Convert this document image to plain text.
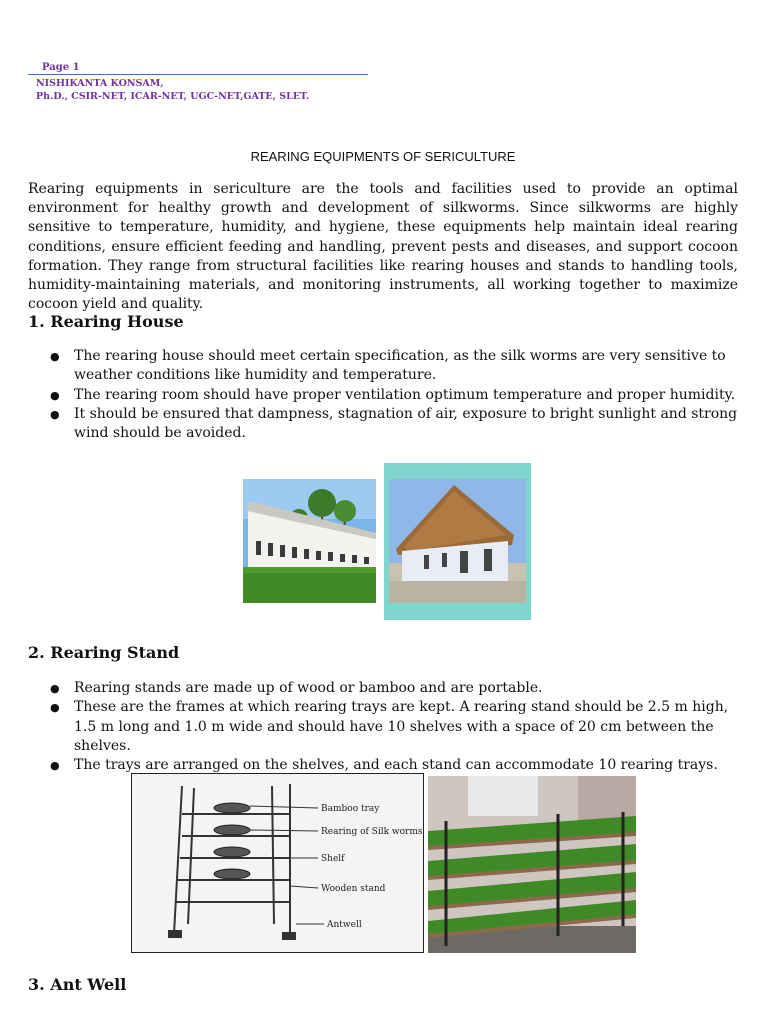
Page 1
NISHIKANTA KONSAM,
Ph.D., CSIR-NET, ICAR-NET, UGC-NET,GATE, SLET.
REARING EQUIPMENTS OF SERICULTURE

Rearing equipments in sericulture are the tools and facilities used to provide an optimal environment for healthy growth and development of silkworms. Since silkworms are highly sensitive to temperature, humidity, and hygiene, these equipments help maintain ideal rearing conditions, ensure efficient feeding and handling, prevent pests and diseases, and support cocoon formation. They range from structural facilities like rearing houses and stands to handling tools, humidity-maintaining materials, and monitoring instruments, all working together to maximize cocoon yield and quality.

1. Rearing House
● The rearing house should meet certain specification, as the silk worms are very sensitive to weather conditions like humidity and temperature.
● The rearing room should have proper ventilation optimum temperature and proper humidity.
● It should be ensured that dampness, stagnation of air, exposure to bright sunlight and strong wind should be avoided.
2. Rearing Stand
● Rearing stands are made up of wood or bamboo and are portable.
● These are the frames at which rearing trays are kept. A rearing stand should be 2.5 m high, 1.5 m long and 1.0 m wide and should have 10 shelves with a space of 20 cm between the shelves.
● The trays are arranged on the shelves, and each stand can accommodate 10 rearing trays.
Bamboo tray
Rearing of Silk worms
Shelf
Wooden stand
Antwell
3. Ant Well
